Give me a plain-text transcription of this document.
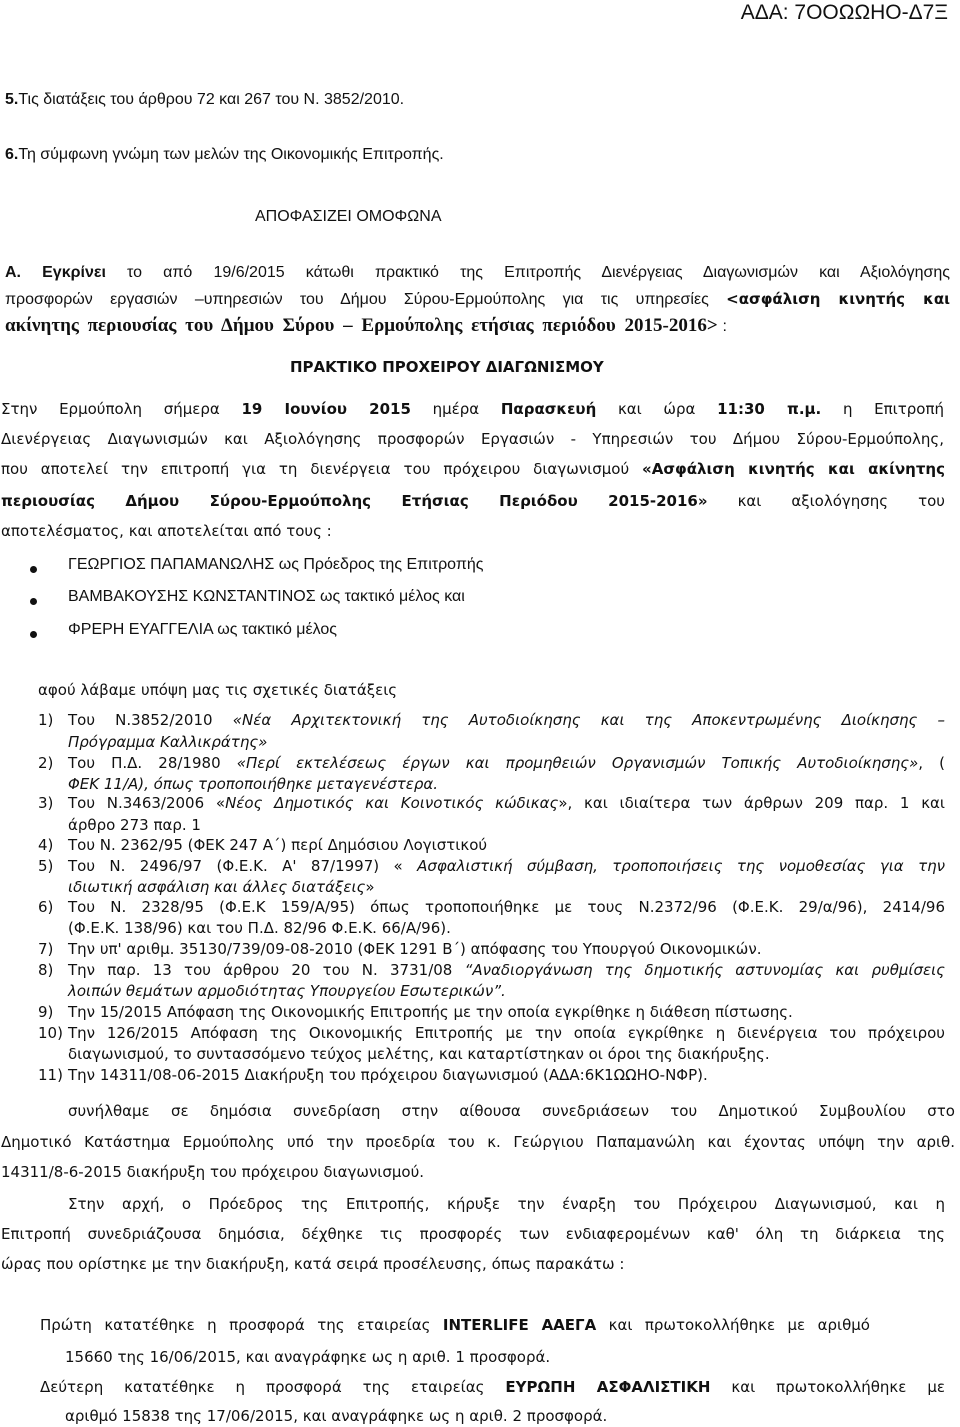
ΑΔΑ: 7ΟΟΩΩΗΟ-Δ7Ξ
5.Τις διατάξεις του άρθρου 72 και 267 του Ν. 3852/2010.
6.Τη σύμφωνη γνώμη των μελών της Οικονομικής Επιτροπής.
ΑΠΟΦΑΣΙΖΕΙ ΟΜΟΦΩΝΑ
Α. Εγκρίνει το από 19/6/2015 κάτωθι πρακτικό της Επιτροπής Διενέργειας Διαγωνισμών και Αξιολόγησης
προσφορών εργασιών –υπηρεσιών του Δήμου Σύρου-Ερμούπολης για τις υπηρεσίες <ασφάλιση κινητής και
ακίνητης περιουσίας του Δήμου Σύρου – Ερμούπολης ετήσιας περιόδου 2015-2016> :
ΠΡΑΚΤΙΚΟ ΠΡΟΧΕΙΡΟΥ ΔΙΑΓΩΝΙΣΜΟΥ
Στην Ερμούπολη σήμερα 19 Ιουνίου 2015 ημέρα Παρασκευή και ώρα 11:30 π.μ. η Επιτροπή
Διενέργειας Διαγωνισμών και Αξιολόγησης προσφορών Εργασιών - Υπηρεσιών του Δήμου Σύρου-Ερμούπολης,
που αποτελεί την επιτροπή για τη διενέργεια του πρόχειρου διαγωνισμού «Ασφάλιση κινητής και ακίνητης
περιουσίας Δήμου Σύρου-Ερμούπολης Ετήσιας Περιόδου 2015-2016» και αξιολόγησης του
αποτελέσματος, και αποτελείται από τους :
ΓΕΩΡΓΙΟΣ ΠΑΠΑΜΑΝΩΛΗΣ ως Πρόεδρος της Επιτροπής
ΒΑΜΒΑΚΟΥΣΗΣ ΚΩΝΣΤΑΝΤΙΝΟΣ ως τακτικό μέλος και
ΦΡΕΡΗ ΕΥΑΓΓΕΛΙΑ ως τακτικό μέλος
αφού λάβαμε υπόψη μας τις σχετικές διατάξεις
1) Του Ν.3852/2010 «Νέα Αρχιτεκτονική της Αυτοδιοίκησης και της Αποκεντρωμένης Διοίκησης –
Πρόγραμμα Καλλικράτης»
2) Του Π.Δ. 28/1980 «Περί εκτελέσεως έργων και προμηθειών Οργανισμών Τοπικής Αυτοδιοίκησης», (
ΦΕΚ 11/Α), όπως τροποποιήθηκε μεταγενέστερα.
3) Του Ν.3463/2006 «Νέος Δημοτικός και Κοινοτικός κώδικας», και ιδιαίτερα των άρθρων 209 παρ. 1 και
άρθρο 273 παρ. 1
4) Του Ν. 2362/95 (ΦΕΚ 247 Α΄) περί Δημόσιου Λογιστικού
5) Του Ν. 2496/97 (Φ.Ε.Κ. Α' 87/1997) « Ασφαλιστική σύμβαση, τροποποιήσεις της νομοθεσίας για την
ιδιωτική ασφάλιση και άλλες διατάξεις»
6) Του Ν. 2328/95 (Φ.Ε.Κ 159/Α/95) όπως τροποποιήθηκε με τους Ν.2372/96 (Φ.Ε.Κ. 29/α/96), 2414/96
(Φ.Ε.Κ. 138/96) και του Π.Δ. 82/96 Φ.Ε.Κ. 66/Α/96).
7) Την υπ' αριθμ. 35130/739/09-08-2010 (ΦΕΚ 1291 Β΄) απόφασης του Υπουργού Οικονομικών.
8) Την παρ. 13 του άρθρου 20 του Ν. 3731/08 “Αναδιοργάνωση της δημοτικής αστυνομίας και ρυθμίσεις
λοιπών θεμάτων αρμοδιότητας Υπουργείου Εσωτερικών”.
9) Την 15/2015 Απόφαση της Οικονομικής Επιτροπής με την οποία εγκρίθηκε η διάθεση πίστωσης.
10) Την 126/2015 Απόφαση της Οικονομικής Επιτροπής με την οποία εγκρίθηκε η διενέργεια του πρόχειρου
διαγωνισμού, το συντασσόμενο τεύχος μελέτης, και καταρτίστηκαν οι όροι της διακήρυξης.
11) Την 14311/08-06-2015 Διακήρυξη του πρόχειρου διαγωνισμού (ΑΔΑ:6Κ1ΩΩΗΟ-ΝΦΡ).
συνήλθαμε σε δημόσια συνεδρίαση στην αίθουσα συνεδριάσεων του Δημοτικού Συμβουλίου στο
Δημοτικό Κατάστημα Ερμούπολης υπό την προεδρία του κ. Γεώργιου Παπαμανώλη και έχοντας υπόψη την αριθ.
14311/8-6-2015 διακήρυξη του πρόχειρου διαγωνισμού.
Στην αρχή, ο Πρόεδρος της Επιτροπής, κήρυξε την έναρξη του Πρόχειρου Διαγωνισμού, και η
Επιτροπή συνεδριάζουσα δημόσια, δέχθηκε τις προσφορές των ενδιαφερομένων καθ' όλη τη διάρκεια της
ώρας που ορίστηκε με την διακήρυξη, κατά σειρά προσέλευσης, όπως παρακάτω :
Πρώτη κατατέθηκε η προσφορά της εταιρείας INTERLIFE ΑΑΕΓΑ και πρωτοκολλήθηκε με αριθμό
15660 της 16/06/2015, και αναγράφηκε ως η αριθ. 1 προσφορά.
Δεύτερη κατατέθηκε η προσφορά της εταιρείας ΕΥΡΩΠΗ ΑΣΦΑΛΙΣΤΙΚΗ και πρωτοκολλήθηκε με
αριθμό 15838 της 17/06/2015, και αναγράφηκε ως η αριθ. 2 προσφορά.
